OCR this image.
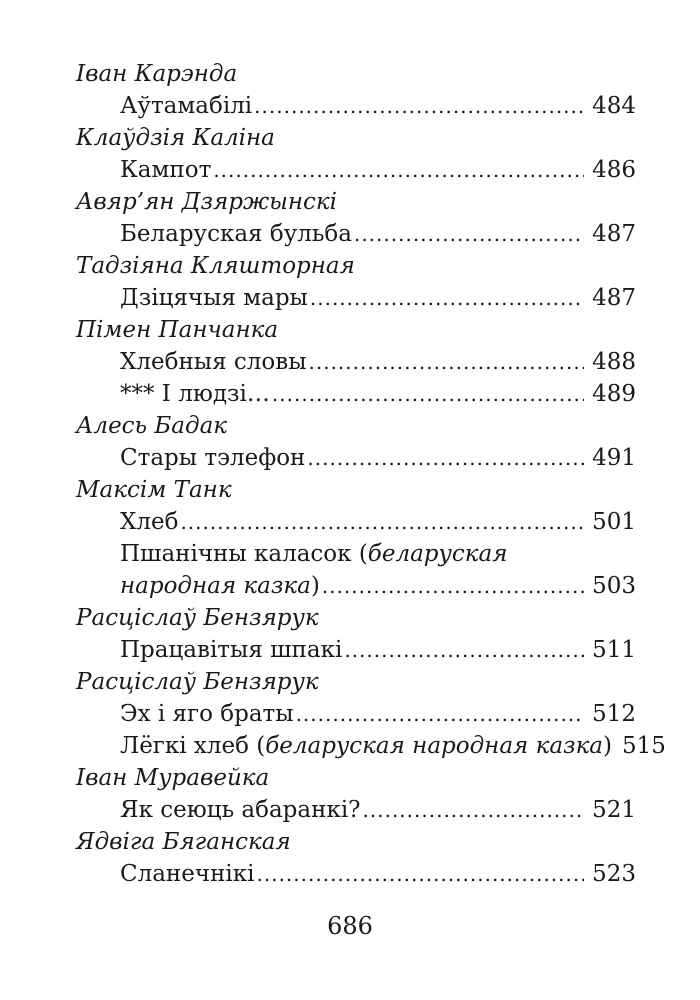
Іван Карэнда
Аўтамабілі .....	484
Клаўдзія Каліна
Кампот .....	486
Авяр’ян Дзяржынскі
Беларуская бульба .....	487
Тадзіяна Кляшторная
Дзіцячыя мары .....	487
Пімен Панчанка
Хлебныя словы .....	488
*** І людзі… .....	489
Алесь Бадак
Стары тэлефон .....	491
Максім Танк
Хлеб .....	501
Пшанічны каласок (беларуская
народная казка) .....	503
Расціслаў Бензярук
Працавітыя шпакі .....	511
Расціслаў Бензярук
Эх і яго браты .....	512
Лёгкі хлеб (беларуская народная казка) 515
Іван Муравейка
Як сеюць абаранкі? .....	521
Ядвіга Бяганская
Сланечнікі .....	523
686
